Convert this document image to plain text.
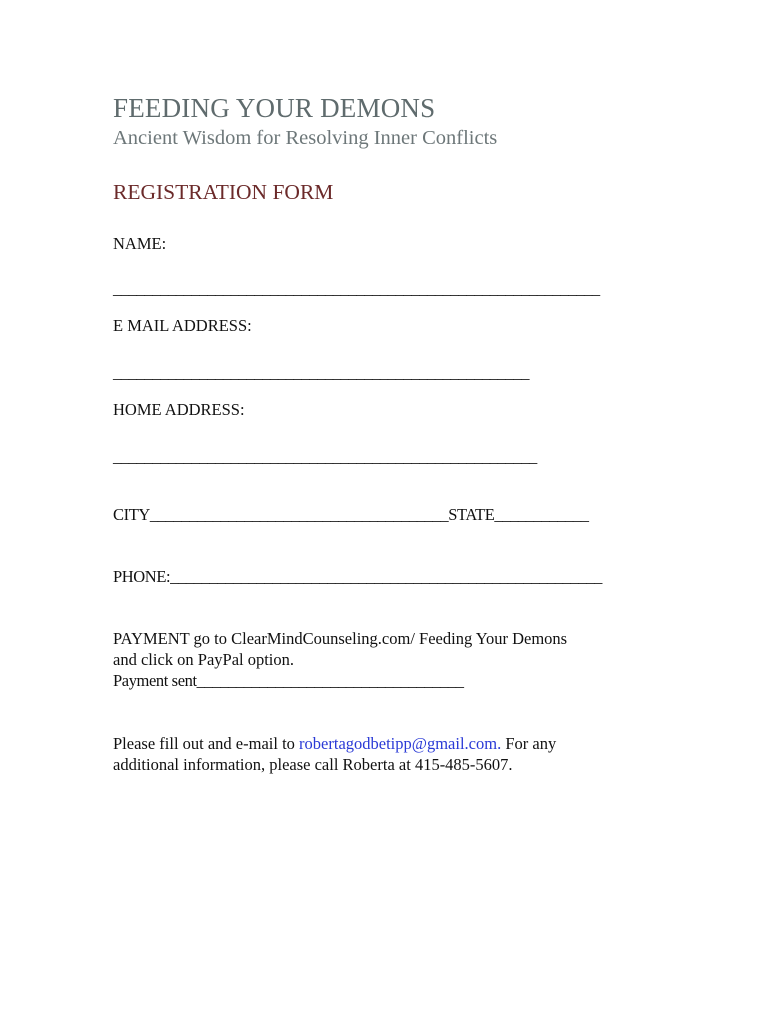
FEEDING YOUR DEMONS
Ancient Wisdom for Resolving Inner Conflicts
REGISTRATION FORM
NAME:
______________________________________________________________
E MAIL ADDRESS:
_____________________________________________________
HOME ADDRESS:
______________________________________________________
CITY______________________________________STATE____________
PHONE:_______________________________________________________
PAYMENT go to ClearMindCounseling.com/ Feeding Your Demons
and click on PayPal option.
Payment sent__________________________________
Please fill out and e-mail to robertagodbetipp@gmail.com. For any
additional information, please call Roberta at 415-485-5607.
